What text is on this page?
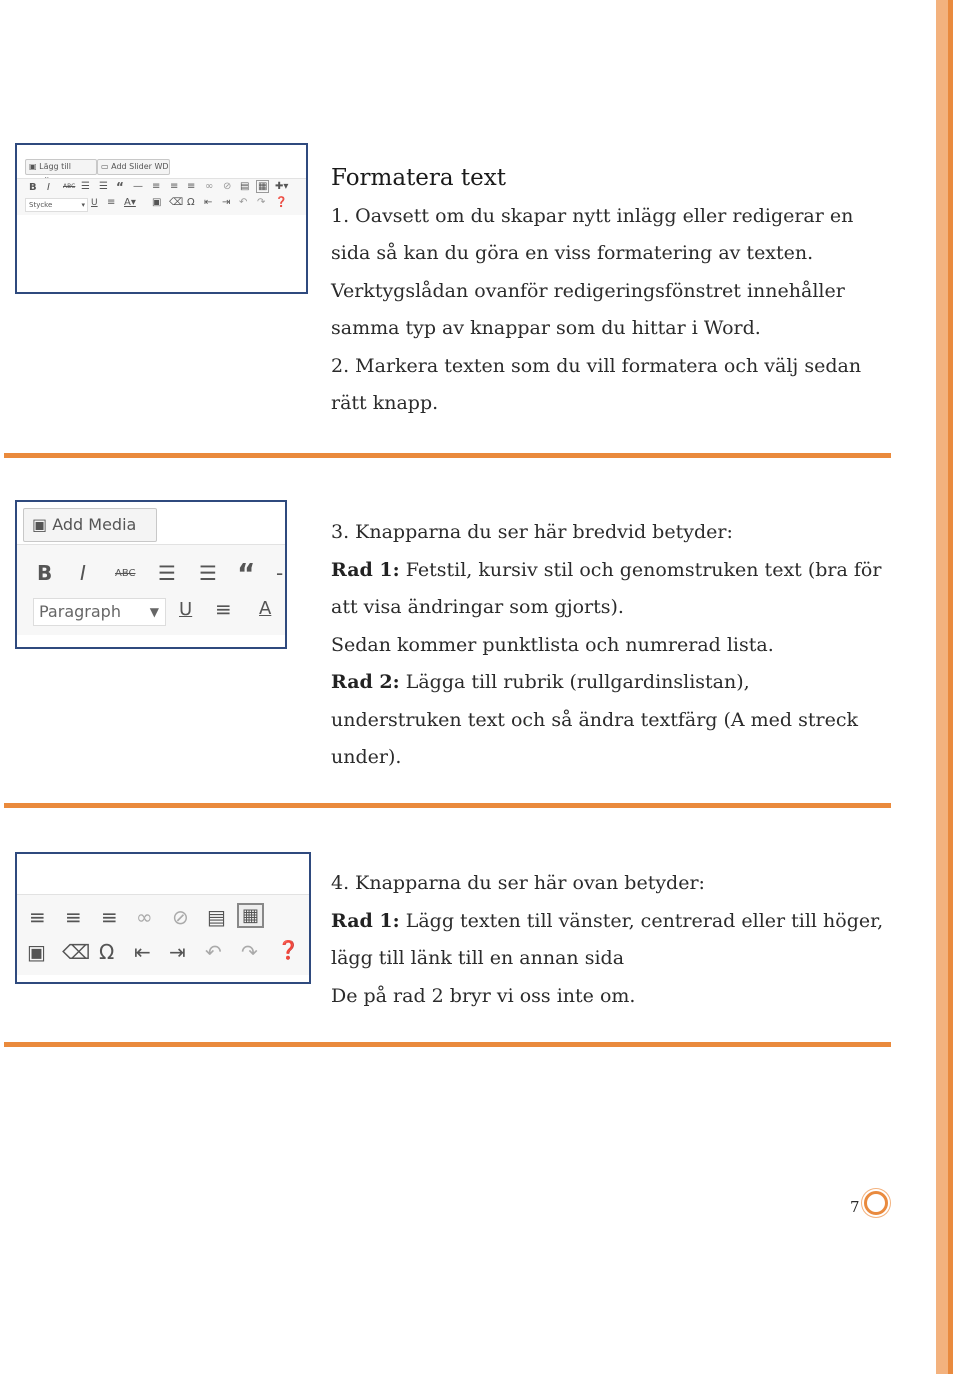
▣ Lägg till	▭ Add Slider WD
B I ABC ☰ ☰ “ — ≡ ≡ ≡ ∞ ⊘ ▤ ▦ ✚▾
Stycke	▾ U ≡ A▾ ▣ ⌫ Ω ⇤ ⇥ ↶ ↷ ❓
Formatera text
1. Oavsett om du skapar nytt inlägg eller redigerar en
sida så kan du göra en viss formatering av texten.
Verktygslådan ovanför redigeringsfönstret innehåller
samma typ av knappar som du hittar i Word.
2. Markera texten som du vill formatera och välj sedan
rätt knapp.
▣ Add Media
B I	ABC ☰ ☰ “ -
Paragraph ▼ U ≡ A
3. Knapparna du ser här bredvid betyder:
Rad 1: Fetstil, kursiv stil och genomstruken text (bra för
att visa ändringar som gjorts).
Sedan kommer punktlista och numrerad lista.
Rad 2: Lägga till rubrik (rullgardinslistan),
understruken text och så ändra textfärg (A med streck
under).
≡ ≡ ≡ ∞ ⊘ ▤ ▦
▣ ⌫ Ω ⇤ ⇥ ↶ ↷ ❓
4. Knapparna du ser här ovan betyder:
Rad 1: Lägg texten till vänster, centrerad eller till höger,
lägg till länk till en annan sida
De på rad 2 bryr vi oss inte om.
7
